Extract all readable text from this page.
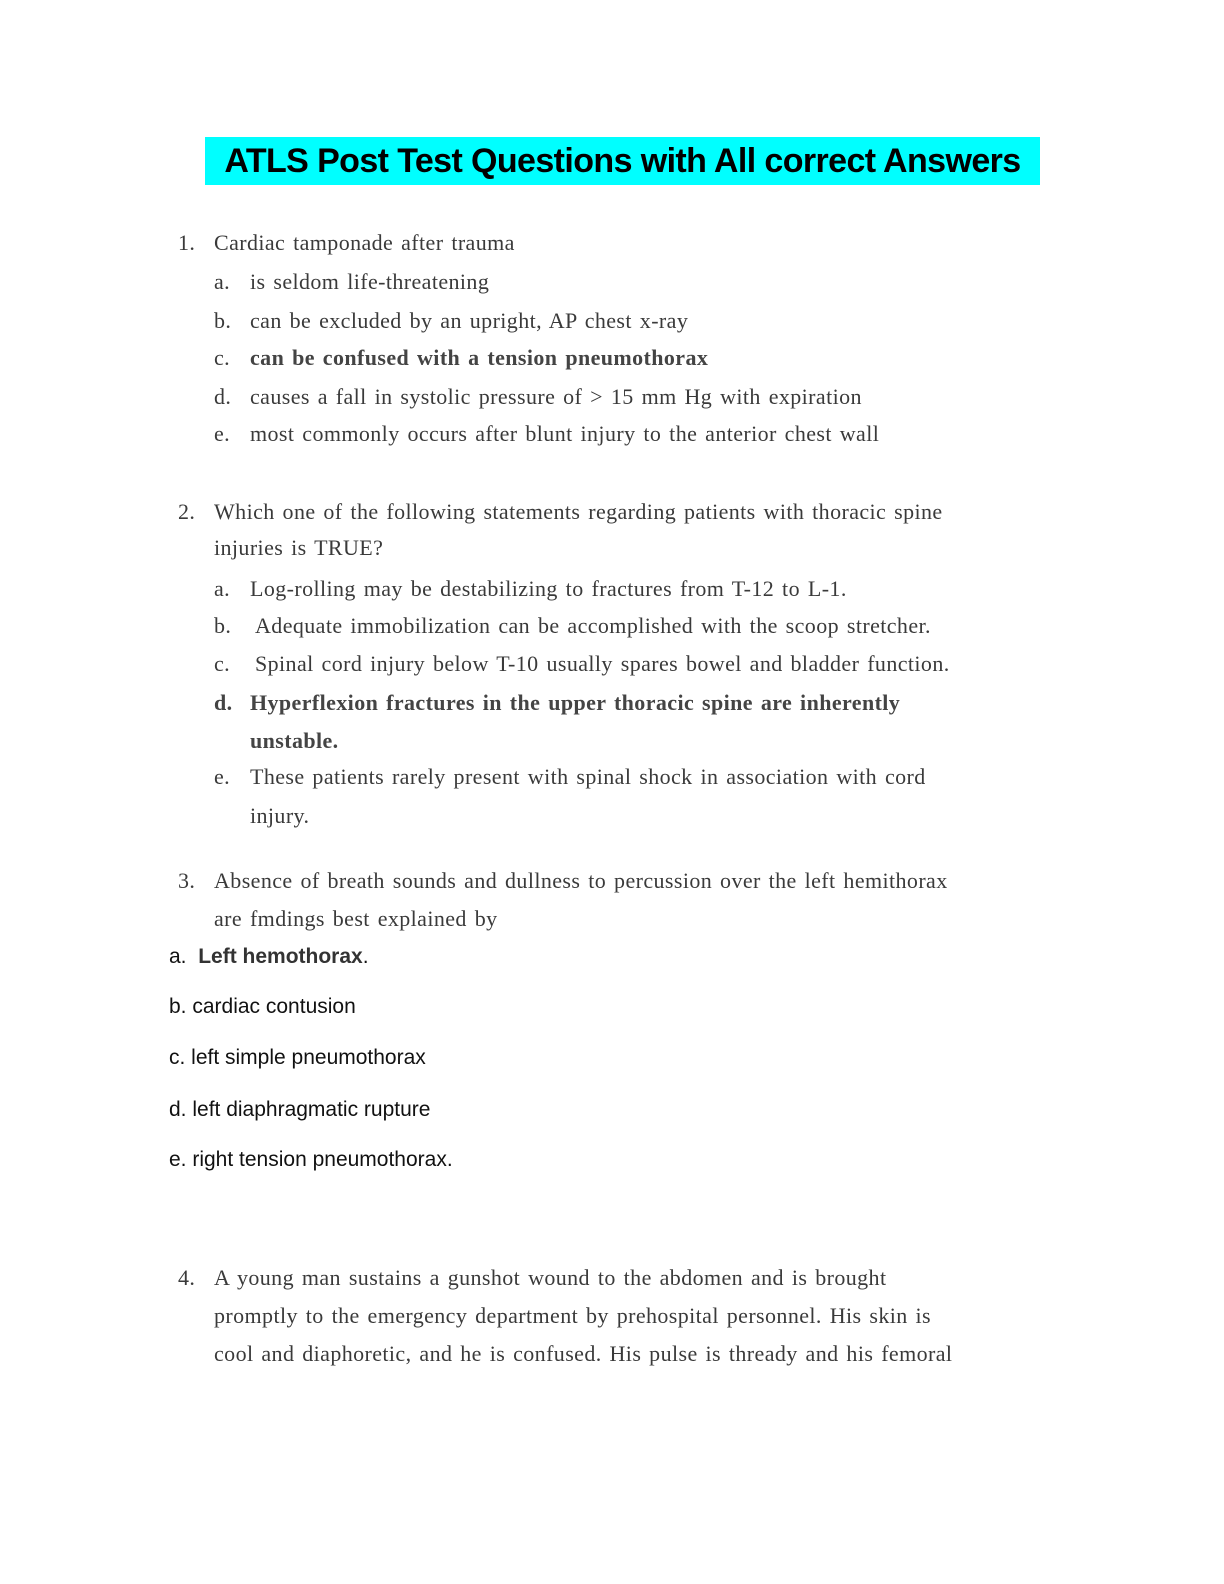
ATLS Post Test Questions with All correct Answers
1. Cardiac tamponade after trauma
a. is seldom life-threatening
b. can be excluded by an upright, AP chest x-ray
c. can be confused with a tension pneumothorax
d. causes a fall in systolic pressure of > 15 mm Hg with expiration
e. most commonly occurs after blunt injury to the anterior chest wall
2. Which one of the following statements regarding patients with thoracic spine
injuries is TRUE?
a. Log-rolling may be destabilizing to fractures from T-12 to L-1.
b. Adequate immobilization can be accomplished with the scoop stretcher.
c. Spinal cord injury below T-10 usually spares bowel and bladder function.
d. Hyperflexion fractures in the upper thoracic spine are inherently
unstable.
e. These patients rarely present with spinal shock in association with cord
injury.
3. Absence of breath sounds and dullness to percussion over the left hemithorax
are fmdings best explained by
a.  Left hemothorax.
b. cardiac contusion
c. left simple pneumothorax
d. left diaphragmatic rupture
e. right tension pneumothorax.
4. A young man sustains a gunshot wound to the abdomen and is brought
promptly to the emergency department by prehospital personnel. His skin is
cool and diaphoretic, and he is confused. His pulse is thready and his femoral
